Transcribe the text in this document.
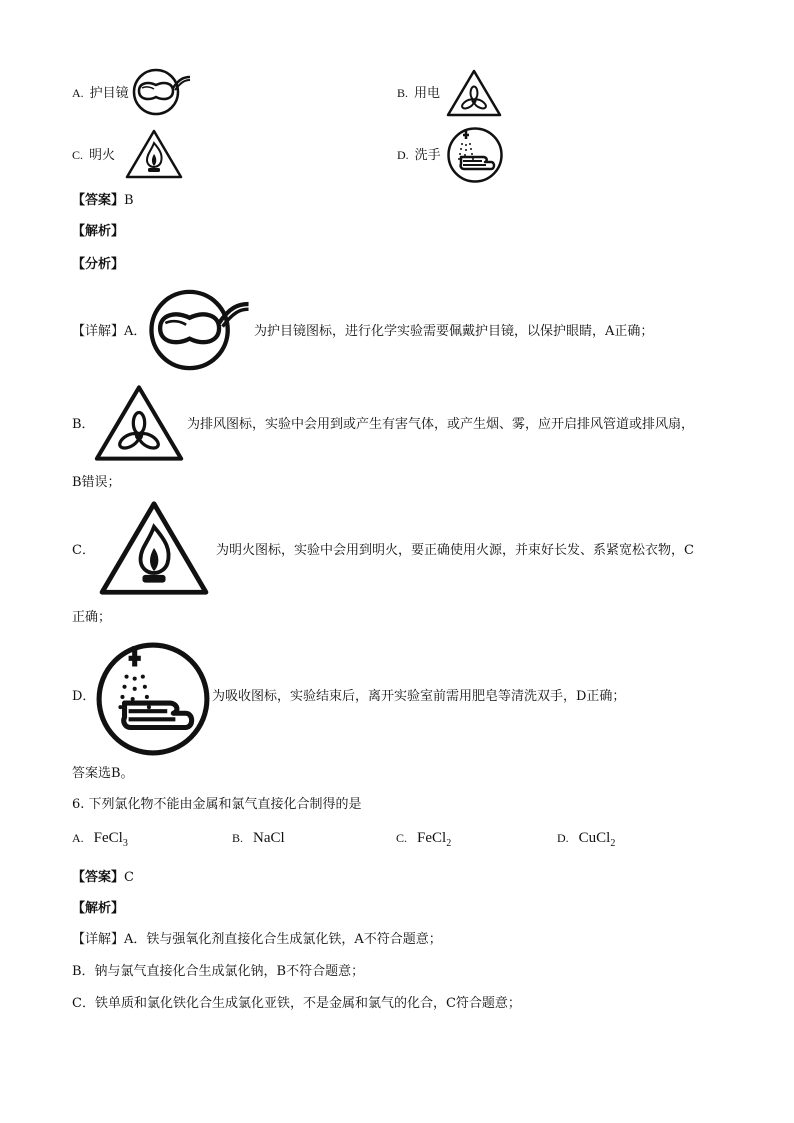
A. 护目镜	B. 用电
C. 明火	D. 洗手
【答案】B
【解析】
【分析】
【详解】A．	为护目镜图标，进行化学实验需要佩戴护目镜，以保护眼睛，A正确；
B．	为排风图标，实验中会用到或产生有害气体，或产生烟、雾，应开启排风管道或排风扇，
B错误；
C．	为明火图标，实验中会用到明火，要正确使用火源，并束好长发、系紧宽松衣物，C
正确；
D．	为吸收图标，实验结束后，离开实验室前需用肥皂等清洗双手，D正确；
答案选B。
6. 下列氯化物不能由金属和氯气直接化合制得的是
A. FeCl$_3$	B. NaCl	C. FeCl$_2$	D. CuCl$_2$
【答案】C
【解析】
【详解】A．铁与强氧化剂直接化合生成氯化铁，A不符合题意；
B．钠与氯气直接化合生成氯化钠，B不符合题意；
C．铁单质和氯化铁化合生成氯化亚铁，不是金属和氯气的化合，C符合题意；
